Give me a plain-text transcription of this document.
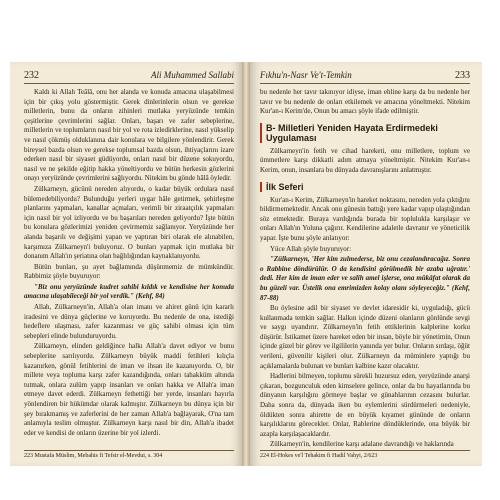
232	Ali Muhammed Sallabi

Kaldı ki Allah Teâlâ, onu her alanda ve konuda amacına ulaşabilmesi için bir çıkış yolu göstermiştir. Gerek dinlerinlerin olsun ve gerekse milletlerin, bunu da onların zihinleri mutlaka yeryüzünde temkin çeşitlerine çevrimlerini sağlar. Onları, başarı ve zafer sebeplerine, milletlerin ve toplumların nasıl bir yol ve rota izledirklerine, nasıl yükselip ve nasıl çökmüş olduklanına dair konulara ve bilgilere yönlendirir. Gerek bireysel bazda olsun ve gerekse toplumsal bazda olsun, ihtiyaçlarını izare ederken nasıl bir siyaset güdüyordu, onları nasıl bir düzene sokuyordu, nasıl ve ne şekilde eğitip hakka yöneltiyordu ve bütün herkesin gözlerini onayı yeryüzünde çevrimlerini sağlıyordu. Nitekim bu gönde hâlâ öyledir.

Zülkarneyn, gücünü nereden alıyordu, o kadar büyük ordulara nasıl bülemedebiliyordu? Bulunduğu yerleri uygar hâle getirmek, şehirleşme planlarını yapmaları, kanallar açmaları, verimli bir ziraatçılık yapmaları için nasıl bir yol izliyordu ve bu başarıları nereden geliyordu? İşte bütün bu konulara gözlerimizi yeniden çevirmemiz sağlanıyor. Yeryüzünde her alanda başarılı ve değişimi yapan ve yaptıran biri olarak ele alınabilen, karşımıza Zülkarneyn'i buluyoruz. O bunları yapmak için mutlaka bir donanım Allah'ın şeriatına olan bağlılığından kaynaklanıyordu.

Bütün bunları, şu ayet bağlamında düşünmemiz de mümkündür. Rabbimiz şöyle buyuruyor:

"Biz onu yeryüzünde kudret sahibi kıldık ve kendisine her konuda amacına ulaşabileceği bir yol verdik." (Kehf, 84)

Allah, Zülkarneyn'in, Allah'a olan imanı ve ahiret günü için kararlı iradesini ve dünya güçlerine ve koruyordu. Bu nedenle de ona, istediği hedeflere ulaşması, zafer kazanması ve güç sahibi olması için tüm sebepleri elinde bulunduruyordu.

Zülkarneyn, elinden geldiğince halkı Allah'a davet ediyor ve bunu sebeplerine sarılıyordu. Zülkarneyn büyük maddi fetihleri kılıçla kazanırken, gönül fetihlerini de iman ve ihsan ile kazanıyordu. O, bir millete veya topluma karşı zafer kazandığında, onları tahakküm altında tutmak, onlara zulüm yapıp insanları ve onları hakka ve Allah'a iman etmeye davet ederdi. Zülkarneyn fethettiği her yerde, insanları hayırla yönlendiren bir hükümdar olarak kalmıştır. Zülkarneyn bu dünya için bir şey bırakmamış ve zaferlerini de her zaman Allah'a bağlayarak, O'na tam anlamıyla teslim olmuştur. Zülkarneyn karşı nasıl bir din, Allah'a ibadet eder ve kendisi de onların üzerine bir yol izlerdi.

223 Mustafa Müslim, Mebahis fi Tefsir el-Mevdui, s. 304
Fıkhu'n-Nasr Ve't-Temkin	233

bu nedenle her tavır takınıyor idiyse, iman ehline karşı da bu nedenle her tavır ve bu nedenle de onları etkilemek ve amacına yöneltmekti. Nitekim Kur'an-ı Kerim'de, Onun bu amacı şöyle ifade edilmiştir.

B- Milletleri Yeniden Hayata Erdirmedeki Uygulaması

Zülkarneyn'in fetih ve cihad hareketi, onu milletlere, toplum ve ümmetlere karşı dikkatli adım atmaya yöneltmiştir. Nitekim Kur'an-ı Kerim, onun, insanlara bu dünyada davranışlarını anlatmıştır.

İlk Seferi

Kur'an-ı Kerim, Zülkarneyn'in hareket noktasını, nereden yola çıktığını bildirmemektedir. Ancak onu günesin battığı yere kadar vapıp ulaştığından söz etmektedir. Buraya vardığında burada bir toplulukla karşılaşır ve onları Allah'ın Yoluna çağırır. Kendilerine adaletle davranır ve yöneticilik yapar. İşte bunu şöyle anlatıyor:

Yüce Allah şöyle buyuruyor:

"Zülkarneyn, 'Her kim zulmederse, biz onu cezalandıracağız. Sonra o Rabbine döndürülür. O da kendisini görülmedik bir azaba uğratır.' dedi. Her kim de iman eder ve salih amel işlerse, ona mükâfat olarak da bu güzeli var. Üstelik ona emrimizden kolay olanı söyleyeceğiz." (Kehf, 87-88)

Bu öylesine adil bir siyaset ve devlet idaresidir ki, uyguladığı, gücü kullanmada temkin sağlar. Halkın içinde düzeni olanların gönlünde sevgi ve saygı uyandırır. Zülkarneyn'in fetih ettiklerinin kalplerine korku düşürür. İstikamet üzere hareket eden bir insan, böyle bir yönetimin, Onun içinde güzel bir görev ve ilgililerin yanında yer bulur. Onların sırdaşı, öğüt verileni, güvenilir kişileri olur. Zülkarneyn da müminlere yaptığı bu açıklamalarda bulunan ve bunları kalbine kazır olacaktır.

Hadlerini bilmeyen, toplumu sürekli huzursuz eden, yeryüzünde anarşi çıkaran, bozgunculuk eden kimselere gelince, onlar da bu hayatlarında bu dünyanın karşılığını görmeye başlar ve günahlarının cezasını bulurlar. Daha sonra da, dünyada iken bu eylemlerini sürdürmeleri nedeniyle, öldükten sonra ahirette de en büyük kıyamet gününde de onların karşılıklarını görecekler. Onlar, Rablerine döndüklerinde, ona büyük bir azapla karşılaşacaklardır.

Zülkarneyn'in, kendilerine karşı adalane davrandığı ve haklarında

224 El-Hokes ve'l Tehakim fi Hadil Vahyi, 2/623
